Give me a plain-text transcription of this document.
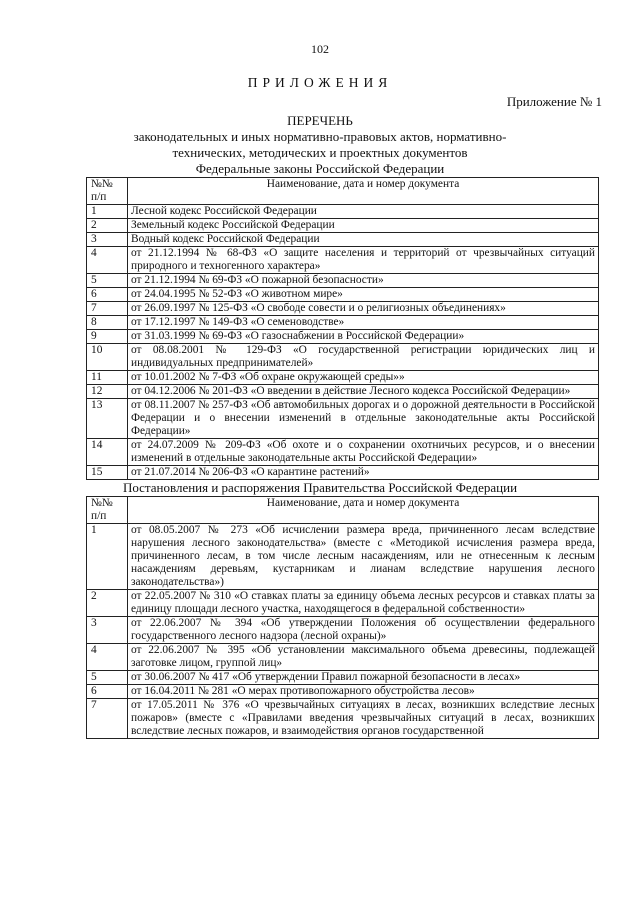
102
ПРИЛОЖЕНИЯ
Приложение № 1
ПЕРЕЧЕНЬ
законодательных и иных нормативно-правовых актов, нормативно-
технических, методических и проектных документов
Федеральные законы Российской Федерации
№№
п/п	Наименование, дата и номер документа
1	Лесной кодекс Российской Федерации
2	Земельный кодекс Российской Федерации
3	Водный кодекс Российской Федерации
4	от 21.12.1994 № 68-ФЗ «О защите населения и территорий от чрезвычайных ситуаций природного и техногенного характера»
5	от 21.12.1994 № 69-ФЗ «О пожарной безопасности»
6	от 24.04.1995 № 52-ФЗ «О животном мире»
7	от 26.09.1997 № 125-ФЗ «О свободе совести и о религиозных объединениях»
8	от 17.12.1997 № 149-ФЗ «О семеноводстве»
9	от 31.03.1999 № 69-ФЗ «О газоснабжении в Российской Федерации»
10	от 08.08.2001 № 129-ФЗ «О государственной регистрации юридических лиц и индивидуальных предпринимателей»
11	от 10.01.2002 № 7-ФЗ «Об охране окружающей среды»»
12	от 04.12.2006 № 201-ФЗ «О введении в действие Лесного кодекса Российской Федерации»
13	от 08.11.2007 № 257-ФЗ «Об автомобильных дорогах и о дорожной деятельности в Российской Федерации и о внесении изменений в отдельные законодательные акты Российской Федерации»
14	от 24.07.2009 № 209-ФЗ «Об охоте и о сохранении охотничьих ресурсов, и о внесении изменений в отдельные законодательные акты Российской Федерации»
15	от 21.07.2014 № 206-ФЗ «О карантине растений»
Постановления и распоряжения Правительства Российской Федерации
№№
п/п	Наименование, дата и номер документа
1	от 08.05.2007 № 273 «Об исчислении размера вреда, причиненного лесам вследствие нарушения лесного законодательства» (вместе с «Методикой исчисления размера вреда, причиненного лесам, в том числе лесным насаждениям, или не отнесенным к лесным насаждениям деревьям, кустарникам и лианам вследствие нарушения лесного законодательства»)
2	от 22.05.2007 № 310 «О ставках платы за единицу объема лесных ресурсов и ставках платы за единицу площади лесного участка, находящегося в федеральной собственности»
3	от 22.06.2007 № 394 «Об утверждении Положения об осуществлении федерального государственного лесного надзора (лесной охраны)»
4	от 22.06.2007 № 395 «Об установлении максимального объема древесины, подлежащей заготовке лицом, группой лиц»
5	от 30.06.2007 № 417 «Об утверждении Правил пожарной безопасности в лесах»
6	от 16.04.2011 № 281 «О мерах противопожарного обустройства лесов»
7	от 17.05.2011 № 376 «О чрезвычайных ситуациях в лесах, возникших вследствие лесных пожаров» (вместе с «Правилами введения чрезвычайных ситуаций в лесах, возникших вследствие лесных пожаров, и взаимодействия органов государственной
